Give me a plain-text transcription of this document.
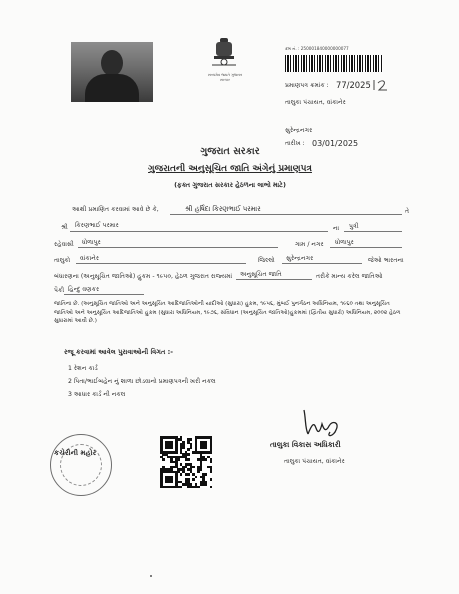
સત્યમેવ જયતે ગુજરાત સરકાર
ક્રમ નં. : 250001840000000077
પ્રમાણપત્ર ક્રમાંક : 77/2025
તાલુકા પંચાયત, વાંકાનેર
સુરેન્દ્રનગર
તારીખ : 03/01/2025
ગુજરાત સરકાર
ગુજરાતની અનુસૂચિત જાતિ અંગેનું પ્રમાણપત્ર
(ફક્ત ગુજરાત સરકાર હેઠળના લાભો માટે)
આથી પ્રમાણિત કરવામાં આવે છે કે,	શ્રી હર્ષિદા કિરણભાઈ પરમાર	તે
શ્રી કિરણભાઈ પરમાર	ના પુત્રી
રહેવાસી ધોળાપુર	ગામ / નગર ધોળાપુર
તાલુકો વાંકાનેર	જિલ્લો સુરેન્દ્રનગર	જેઓ ભારતના
બંધારણના (અનુસૂચિત જાતિઓ) હુકમ - ૧૯૫૦, હેઠળ ગુજરાત રાજ્યમાં અનુસૂચિત જાતિ	તરીકે માન્ય કરેલ જાતિઓ
પૈકી હિન્દુ વણકર
જાતિના છે. (અનુસૂચિત જાતિઓ અને અનુસૂચિત આદિજાતિઓની યાદીઓ (સુધારા) હુકમ, ૧૯૫૬, મુંબઈ પુનર્ગઠન અધિનિયમ, ૧૯૬૦ તથા અનુસૂચિત જાતિઓ અને અનુસૂચિત આદિજાતિઓ હુકમ (સુધારા અધિનિયમ, ૧૯૭૬, સંવિધાન (અનુસૂચિત જાતિઓ)હુકમમાં (દ્વિતીય સુધારો) અધિનિયમ, ૨૦૦૨ હેઠળ સુધારામાં આવી છે.)
રજૂ કરવામાં આવેલ પુરાવાઓની વિગત :-
1 રેશન કાર્ડ
2 પિતા/ભાઈબહેન નું શાળા છોડવાનો પ્રમાણપત્રની ખરી નકલ
3 આધાર કાર્ડ ની નકલ
તાલુકા વિકાસ અધિકારી
તાલુકા પંચાયત, વાંકાનેર
કચેરીની મહોર
